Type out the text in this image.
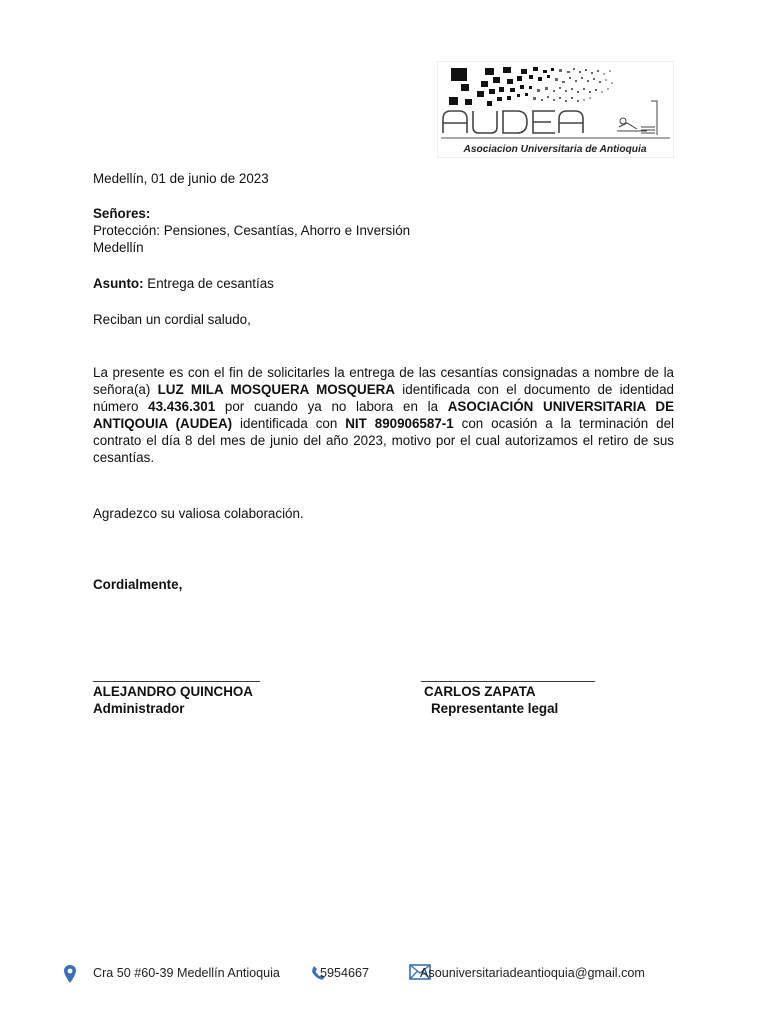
Asociacion Universitaria de Antioquia
Medellín, 01 de junio de 2023
Señores:
Protección: Pensiones, Cesantías, Ahorro e Inversión
Medellín
Asunto: Entrega de cesantías
Reciban un cordial saludo,
La presente es con el fin de solicitarles la entrega de las cesantías consignadas a nombre de la señora(a) LUZ MILA MOSQUERA MOSQUERA identificada con el documento de identidad número 43.436.301 por cuando ya no labora en la ASOCIACIÓN UNIVERSITARIA DE ANTIQOUIA (AUDEA) identificada con NIT 890906587-1 con ocasión a la terminación del contrato el día 8 del mes de junio del año 2023, motivo por el cual autorizamos el retiro de sus cesantías.
Agradezco su valiosa colaboración.
Cordialmente,
_______________________
ALEJANDRO QUINCHOA
Administrador
________________________
CARLOS ZAPATA
Representante legal
Cra 50 #60-39 Medellín Antioquia	5954667	Asouniversitariadeantioquia@gmail.com
